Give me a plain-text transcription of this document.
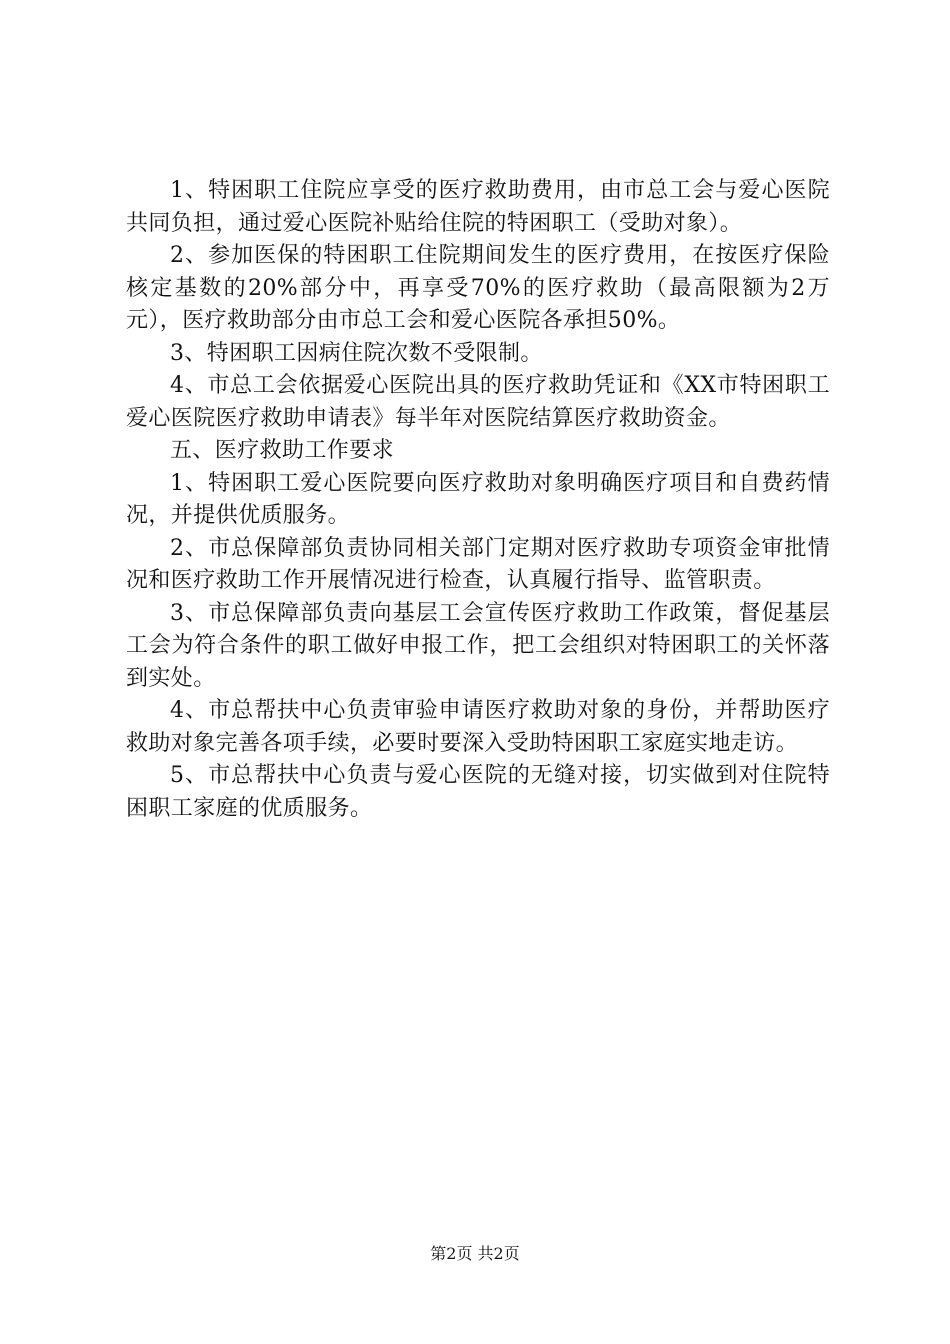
1、特困职工住院应享受的医疗救助费用，由市总工会与爱心医院共同负担，通过爱心医院补贴给住院的特困职工（受助对象）。

2、参加医保的特困职工住院期间发生的医疗费用，在按医疗保险核定基数的20%部分中，再享受70%的医疗救助（最高限额为2万元），医疗救助部分由市总工会和爱心医院各承担50%。

3、特困职工因病住院次数不受限制。

4、市总工会依据爱心医院出具的医疗救助凭证和《XX市特困职工爱心医院医疗救助申请表》每半年对医院结算医疗救助资金。

五、医疗救助工作要求

1、特困职工爱心医院要向医疗救助对象明确医疗项目和自费药情况，并提供优质服务。

2、市总保障部负责协同相关部门定期对医疗救助专项资金审批情况和医疗救助工作开展情况进行检查，认真履行指导、监管职责。

3、市总保障部负责向基层工会宣传医疗救助工作政策，督促基层工会为符合条件的职工做好申报工作，把工会组织对特困职工的关怀落到实处。

4、市总帮扶中心负责审验申请医疗救助对象的身份，并帮助医疗救助对象完善各项手续，必要时要深入受助特困职工家庭实地走访。

5、市总帮扶中心负责与爱心医院的无缝对接，切实做到对住院特困职工家庭的优质服务。

第2页 共2页
